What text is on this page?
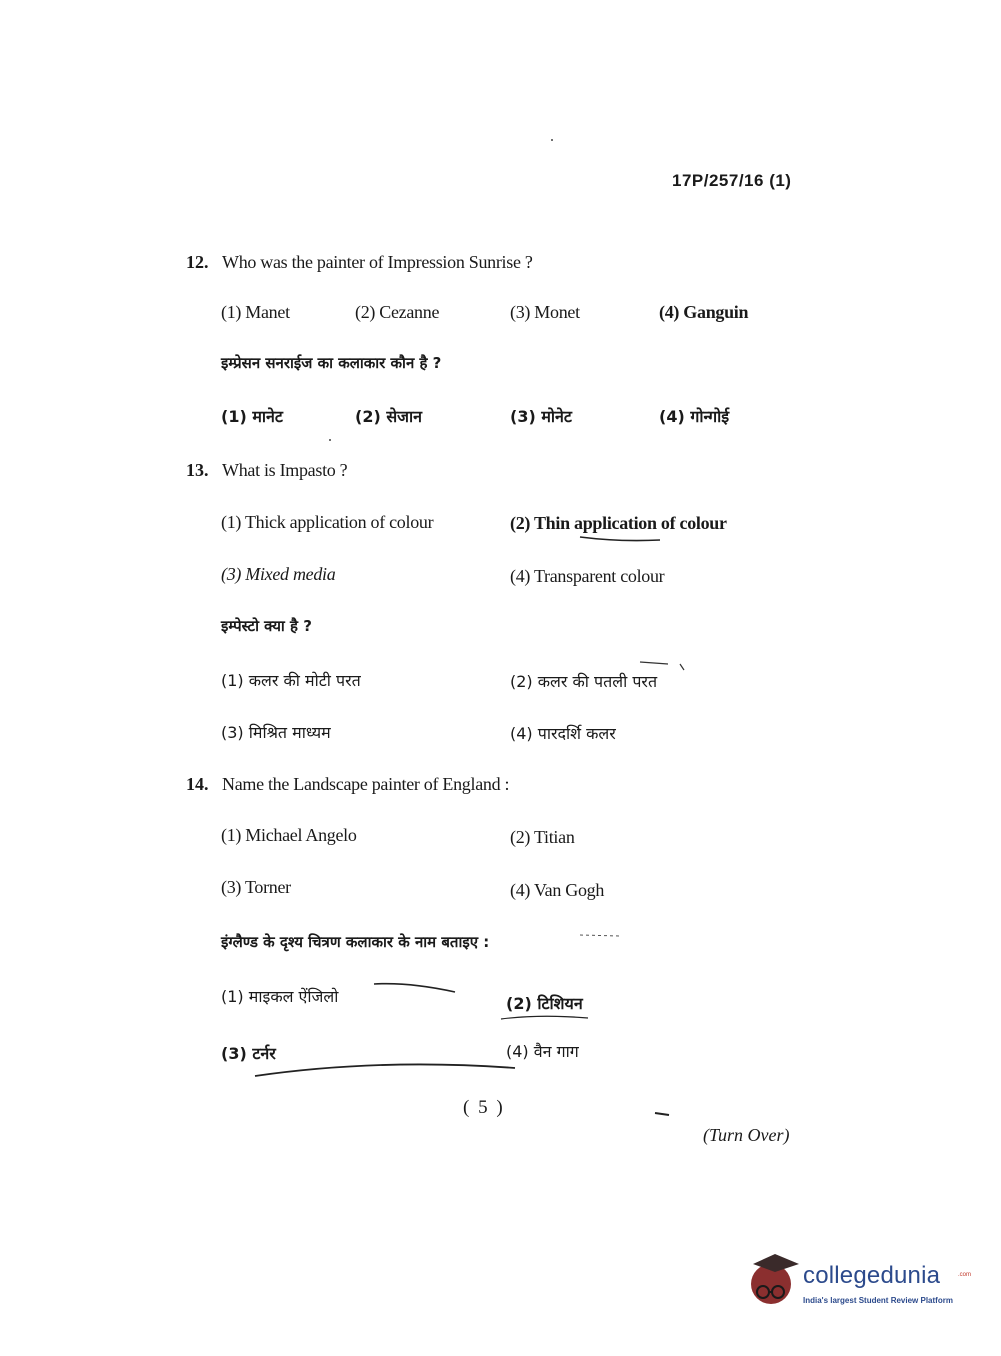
17P/257/16 (1)
12. Who was the painter of Impression Sunrise ?
(1) Manet	(2) Cezanne	(3) Monet	(4) Ganguin
इम्प्रेसन सनराईज का कलाकार कौन है ?
(1) मानेट	(2) सेजान	(3) मोनेट	(4) गोन्गोई
13. What is Impasto ?
(1) Thick application of colour	(2) Thin application of colour
(3) Mixed media	(4) Transparent colour
इम्पेस्टो क्या है ?
(1) कलर की मोटी परत	(2) कलर की पतली परत
(3) मिश्रित माध्यम	(4) पारदर्शि कलर
14. Name the Landscape painter of England :
(1) Michael Angelo	(2) Titian
(3) Torner	(4) Van Gogh
इंग्लैण्ड के दृश्य चित्रण कलाकार के नाम बताइए :
(1) माइकल ऐंजिलो	(2) टिशियन
(3) टर्नर	(4) वैन गाग
( 5 )
(Turn Over)
collegedunia	.com
India's largest Student Review Platform
